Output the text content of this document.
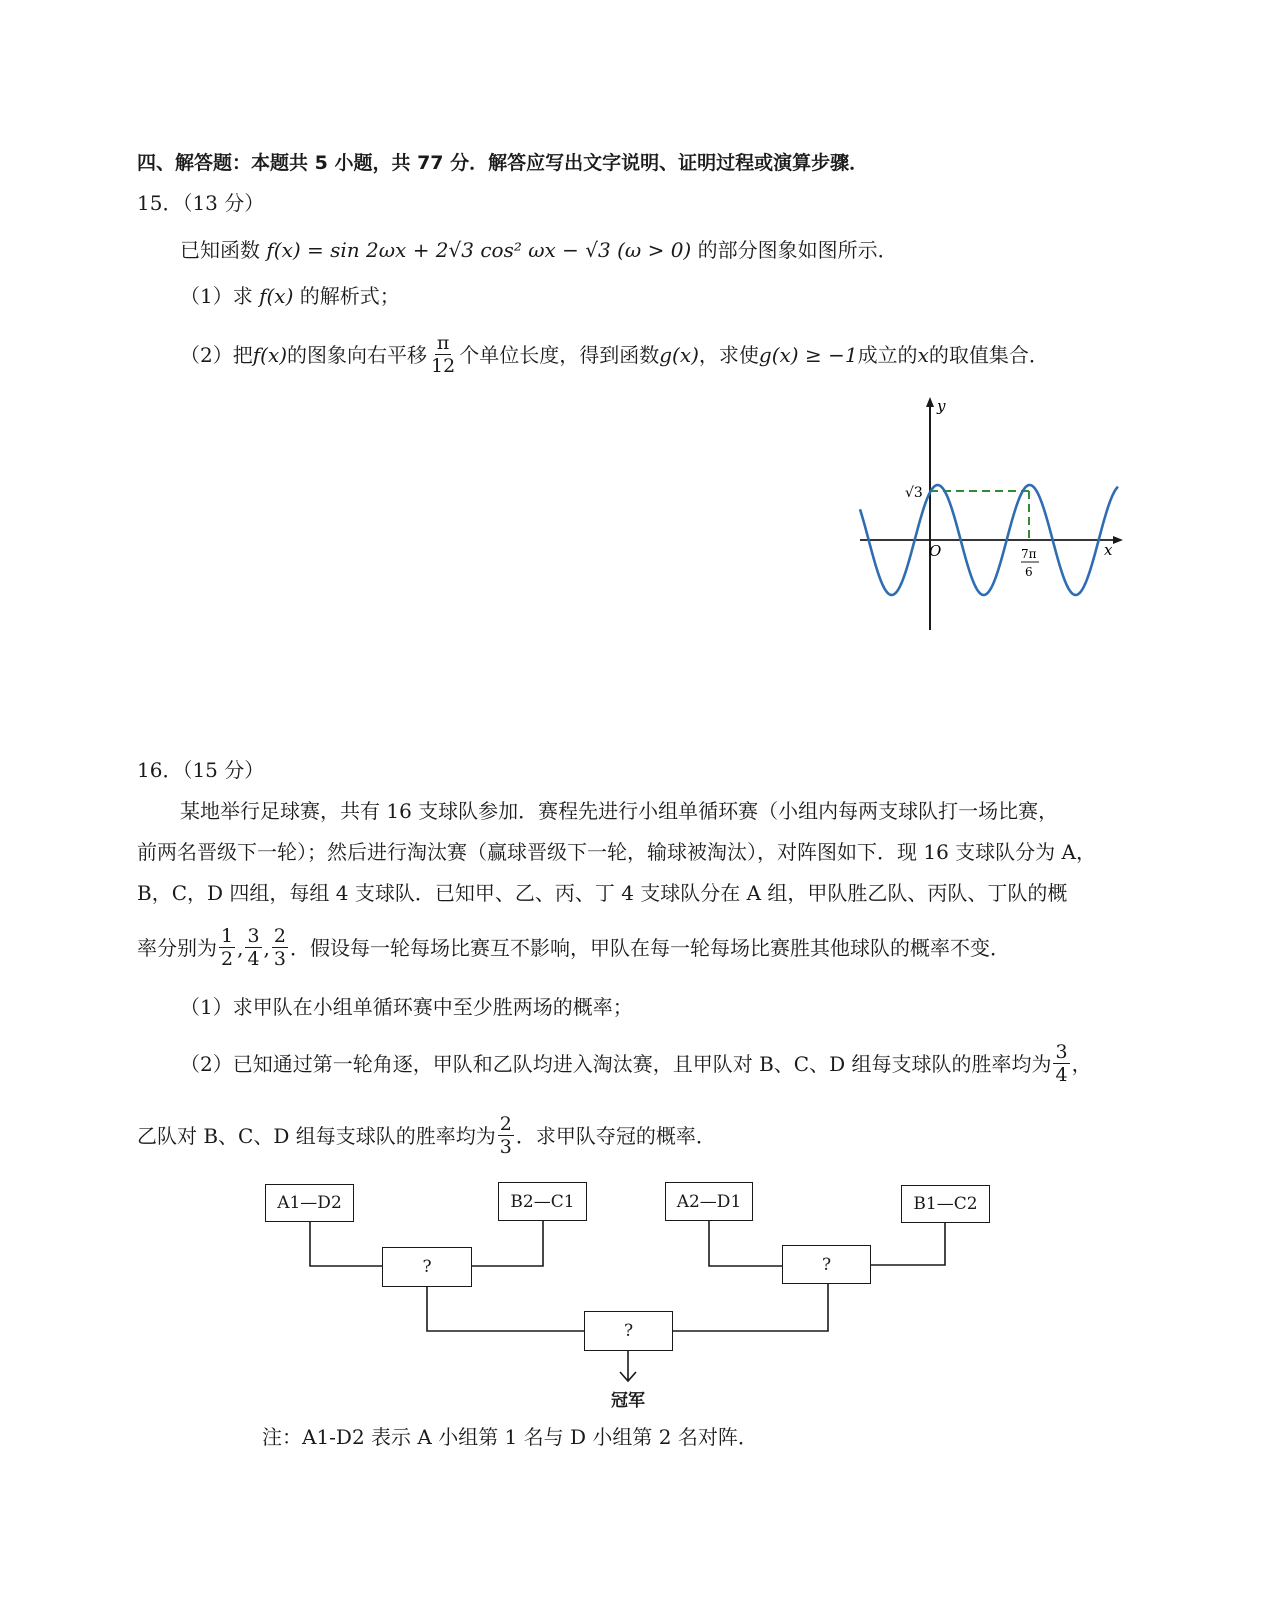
四、解答题：本题共 5 小题，共 77 分．解答应写出文字说明、证明过程或演算步骤．
15．（13 分）
已知函数 f(x) = sin 2ωx + 2√3 cos² ωx − √3 (ω > 0) 的部分图象如图所示．
（1）求 f(x) 的解析式；
（2）把 f(x) 的图象向右平移 $\frac{\pi}{12}$ 个单位长度，得到函数 g(x) ，求使 g(x) ≥ −1 成立的 x 的取值集合．
y
x
O
√3
7π
6
16．（15 分）
某地举行足球赛，共有 16 支球队参加．赛程先进行小组单循环赛（小组内每两支球队打一场比赛，
前两名晋级下一轮）；然后进行淘汰赛（赢球晋级下一轮，输球被淘汰），对阵图如下．现 16 支球队分为 A，
B，C，D 四组，每组 4 支球队．已知甲、乙、丙、丁 4 支球队分在 A 组，甲队胜乙队、丙队、丁队的概
率分别为 $\frac{1}{2}$ , $\frac{3}{4}$ , $\frac{2}{3}$ ．假设每一轮每场比赛互不影响，甲队在每一轮每场比赛胜其他球队的概率不变．
（1）求甲队在小组单循环赛中至少胜两场的概率；
（2）已知通过第一轮角逐，甲队和乙队均进入淘汰赛，且甲队对 B、C、D 组每支球队的胜率均为 $\frac{3}{4}$ ，
乙队对 B、C、D 组每支球队的胜率均为 $\frac{2}{3}$ ．求甲队夺冠的概率．
A1—D2	B2—C1	A2—D1	B1—C2
?	?
?
冠军
注：A1-D2 表示 A 小组第 1 名与 D 小组第 2 名对阵．
